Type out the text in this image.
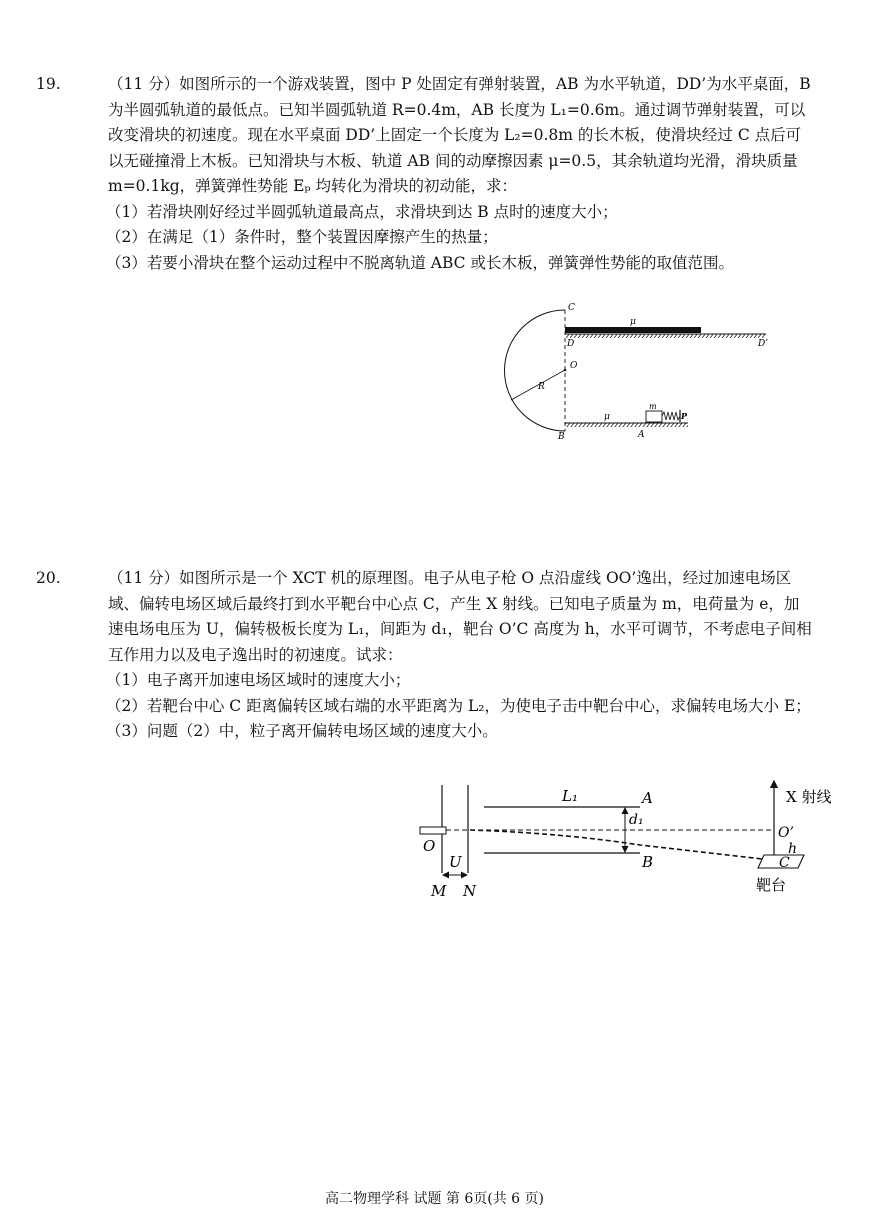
19.	（11 分）如图所示的一个游戏装置，图中 P 处固定有弹射装置，AB 为水平轨道，DD’为水平桌面，B 为半圆弧轨道的最低点。已知半圆弧轨道 R=0.4m，AB 长度为 L₁=0.6m。通过调节弹射装置，可以改变滑块的初速度。现在水平桌面 DD’上固定一个长度为 L₂=0.8m 的长木板，使滑块经过 C 点后可以无碰撞滑上木板。已知滑块与木板、轨道 AB 间的动摩擦因素 μ=0.5，其余轨道均光滑，滑块质量 m=0.1kg，弹簧弹性势能 Eₚ 均转化为滑块的初动能，求：

（1）若滑块刚好经过半圆弧轨道最高点，求滑块到达 B 点时的速度大小；

（2）在满足（1）条件时，整个装置因摩擦产生的热量；

（3）若要小滑块在整个运动过程中不脱离轨道 ABC 或长木板，弹簧弹性势能的取值范围。

C
D	D’
O
R
μ
μ
m
P
A
B

20.	（11 分）如图所示是一个 XCT 机的原理图。电子从电子枪 O 点沿虚线 OO’逸出，经过加速电场区域、偏转电场区域后最终打到水平靶台中心点 C，产生 X 射线。已知电子质量为 m，电荷量为 e，加速电场电压为 U，偏转极板长度为 L₁，间距为 d₁，靶台 O’C 高度为 h，水平可调节，不考虑电子间相互作用力以及电子逸出时的初速度。试求：

（1）电子离开加速电场区域时的速度大小；

（2）若靶台中心 C 距离偏转区域右端的水平距离为 L₂，为使电子击中靶台中心，求偏转电场大小 E；

（3）问题（2）中，粒子离开偏转电场区域的速度大小。

L₁	A
d₁
O
U	B
M N
X 射线
O’
h
C
靶台
高二物理学科 试题 第 6页(共 6 页)
